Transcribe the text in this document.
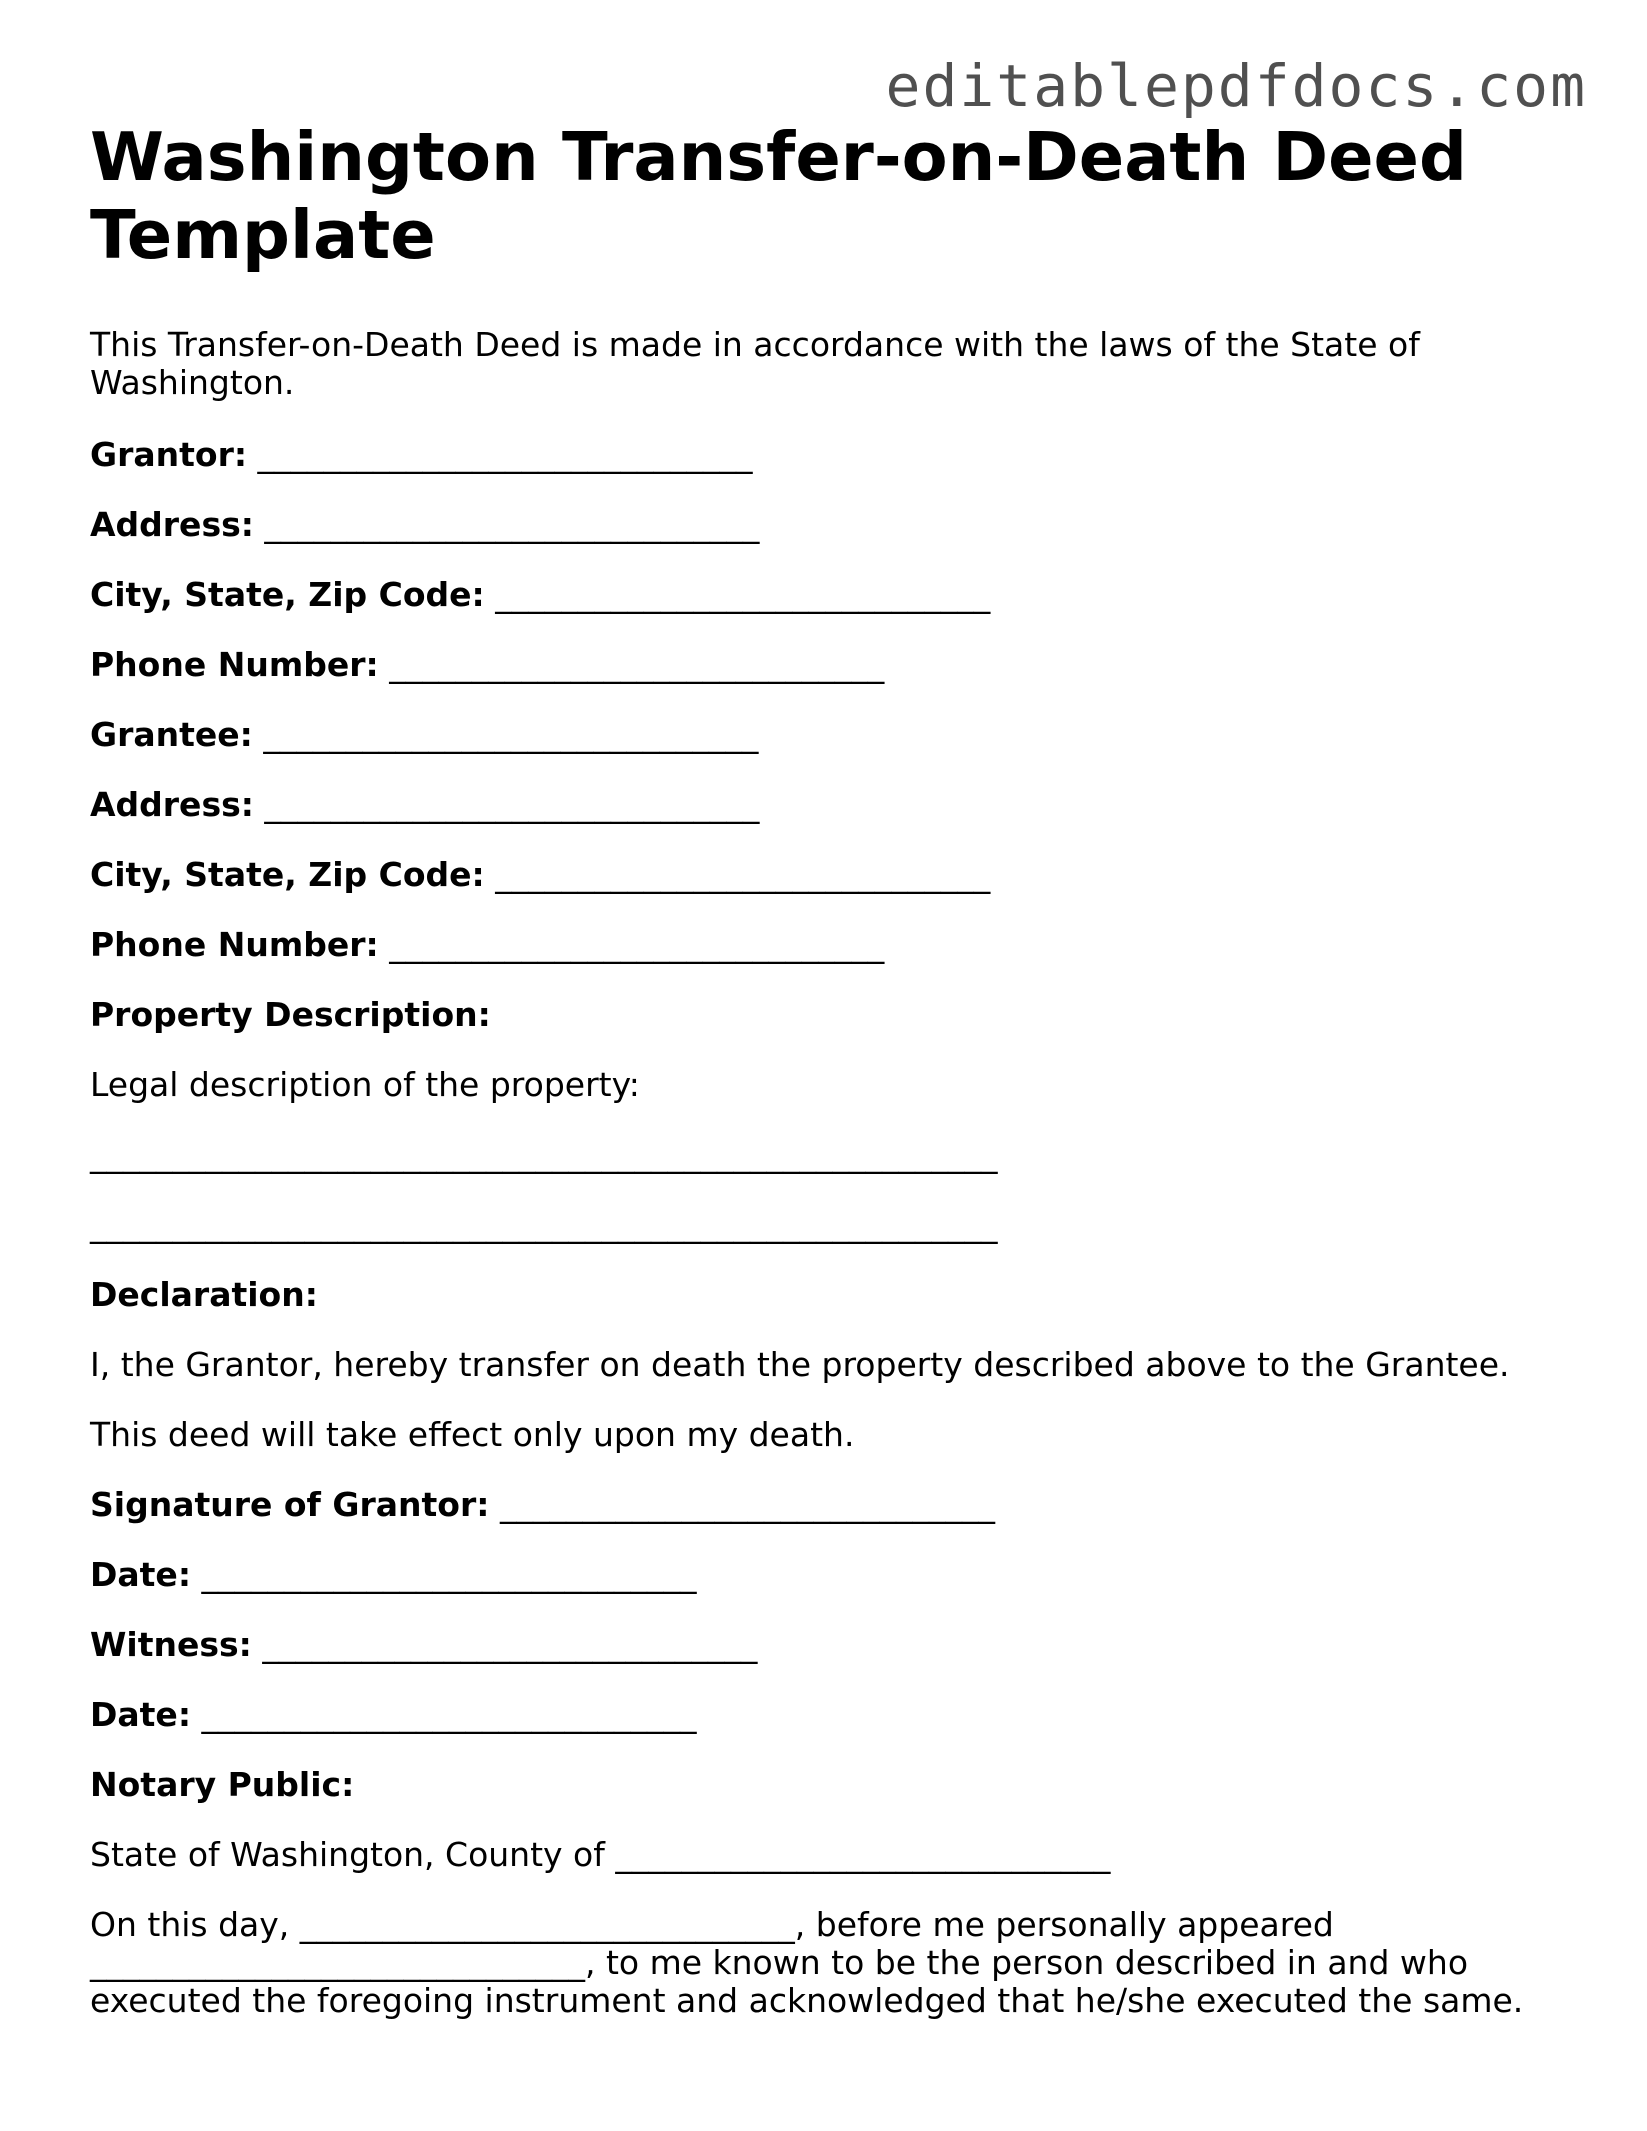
editablepdfdocs.com
Washington Transfer-on-Death Deed Template

This Transfer-on-Death Deed is made in accordance with the laws of the State of Washington.

Grantor: ______________________________
Address: ______________________________
City, State, Zip Code: ______________________________
Phone Number: ______________________________
Grantee: ______________________________
Address: ______________________________
City, State, Zip Code: ______________________________
Phone Number: ______________________________
Property Description:
Legal description of the property:
_______________________________________________________
_______________________________________________________
Declaration:
I, the Grantor, hereby transfer on death the property described above to the Grantee.
This deed will take effect only upon my death.
Signature of Grantor: ______________________________
Date: ______________________________
Witness: ______________________________
Date: ______________________________
Notary Public:
State of Washington, County of ______________________________

On this day, ______________________________, before me personally appeared ______________________________, to me known to be the person described in and who executed the foregoing instrument and acknowledged that he/she executed the same.
